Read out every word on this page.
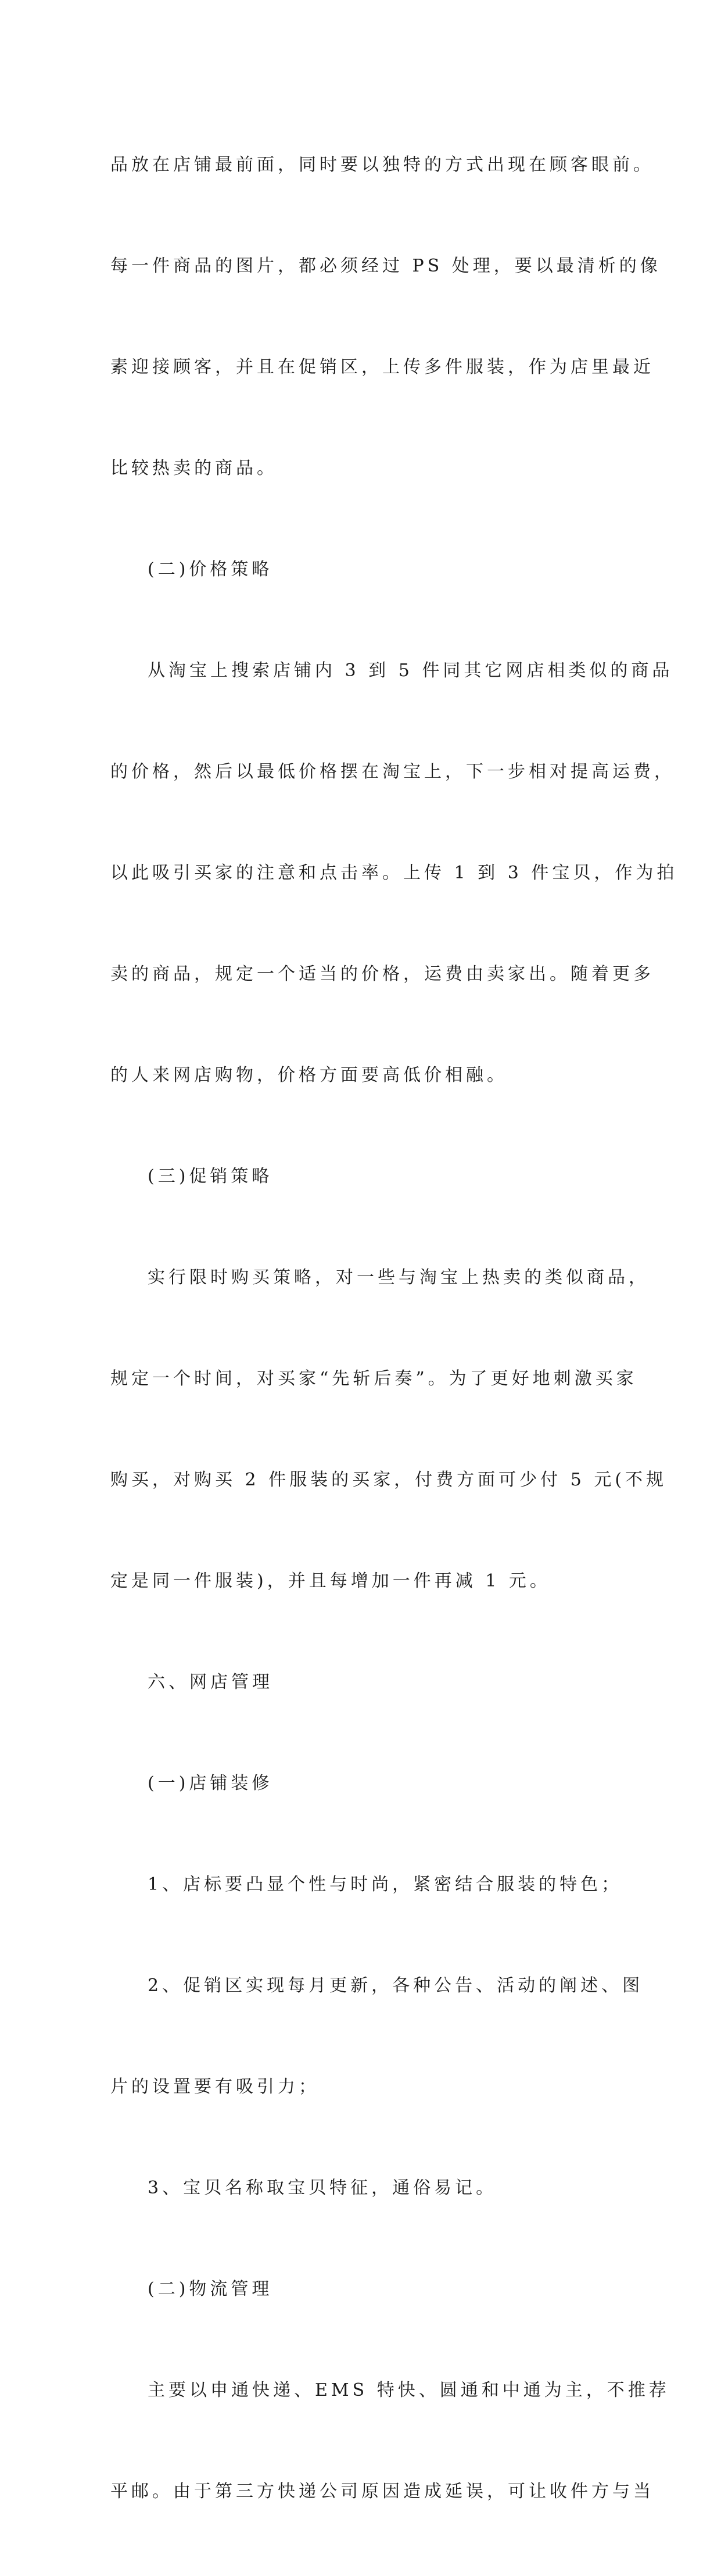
品放在店铺最前面，同时要以独特的方式出现在顾客眼前。

每一件商品的图片，都必须经过 PS 处理，要以最清析的像

素迎接顾客，并且在促销区，上传多件服装，作为店里最近

比较热卖的商品。

(二)价格策略

从淘宝上搜索店铺内 3 到 5 件同其它网店相类似的商品

的价格，然后以最低价格摆在淘宝上，下一步相对提高运费，

以此吸引买家的注意和点击率。上传 1 到 3 件宝贝，作为拍

卖的商品，规定一个适当的价格，运费由卖家出。随着更多

的人来网店购物，价格方面要高低价相融。

(三)促销策略

实行限时购买策略，对一些与淘宝上热卖的类似商品，

规定一个时间，对买家“先斩后奏”。为了更好地刺激买家

购买，对购买 2 件服装的买家，付费方面可少付 5 元(不规

定是同一件服装)，并且每增加一件再减 1 元。

六、网店管理

(一)店铺装修

1、店标要凸显个性与时尚，紧密结合服装的特色；

2、促销区实现每月更新，各种公告、活动的阐述、图

片的设置要有吸引力；

3、宝贝名称取宝贝特征，通俗易记。

(二)物流管理

主要以申通快递、EMS 特快、圆通和中通为主，不推荐

平邮。由于第三方快递公司原因造成延误，可让收件方与当
